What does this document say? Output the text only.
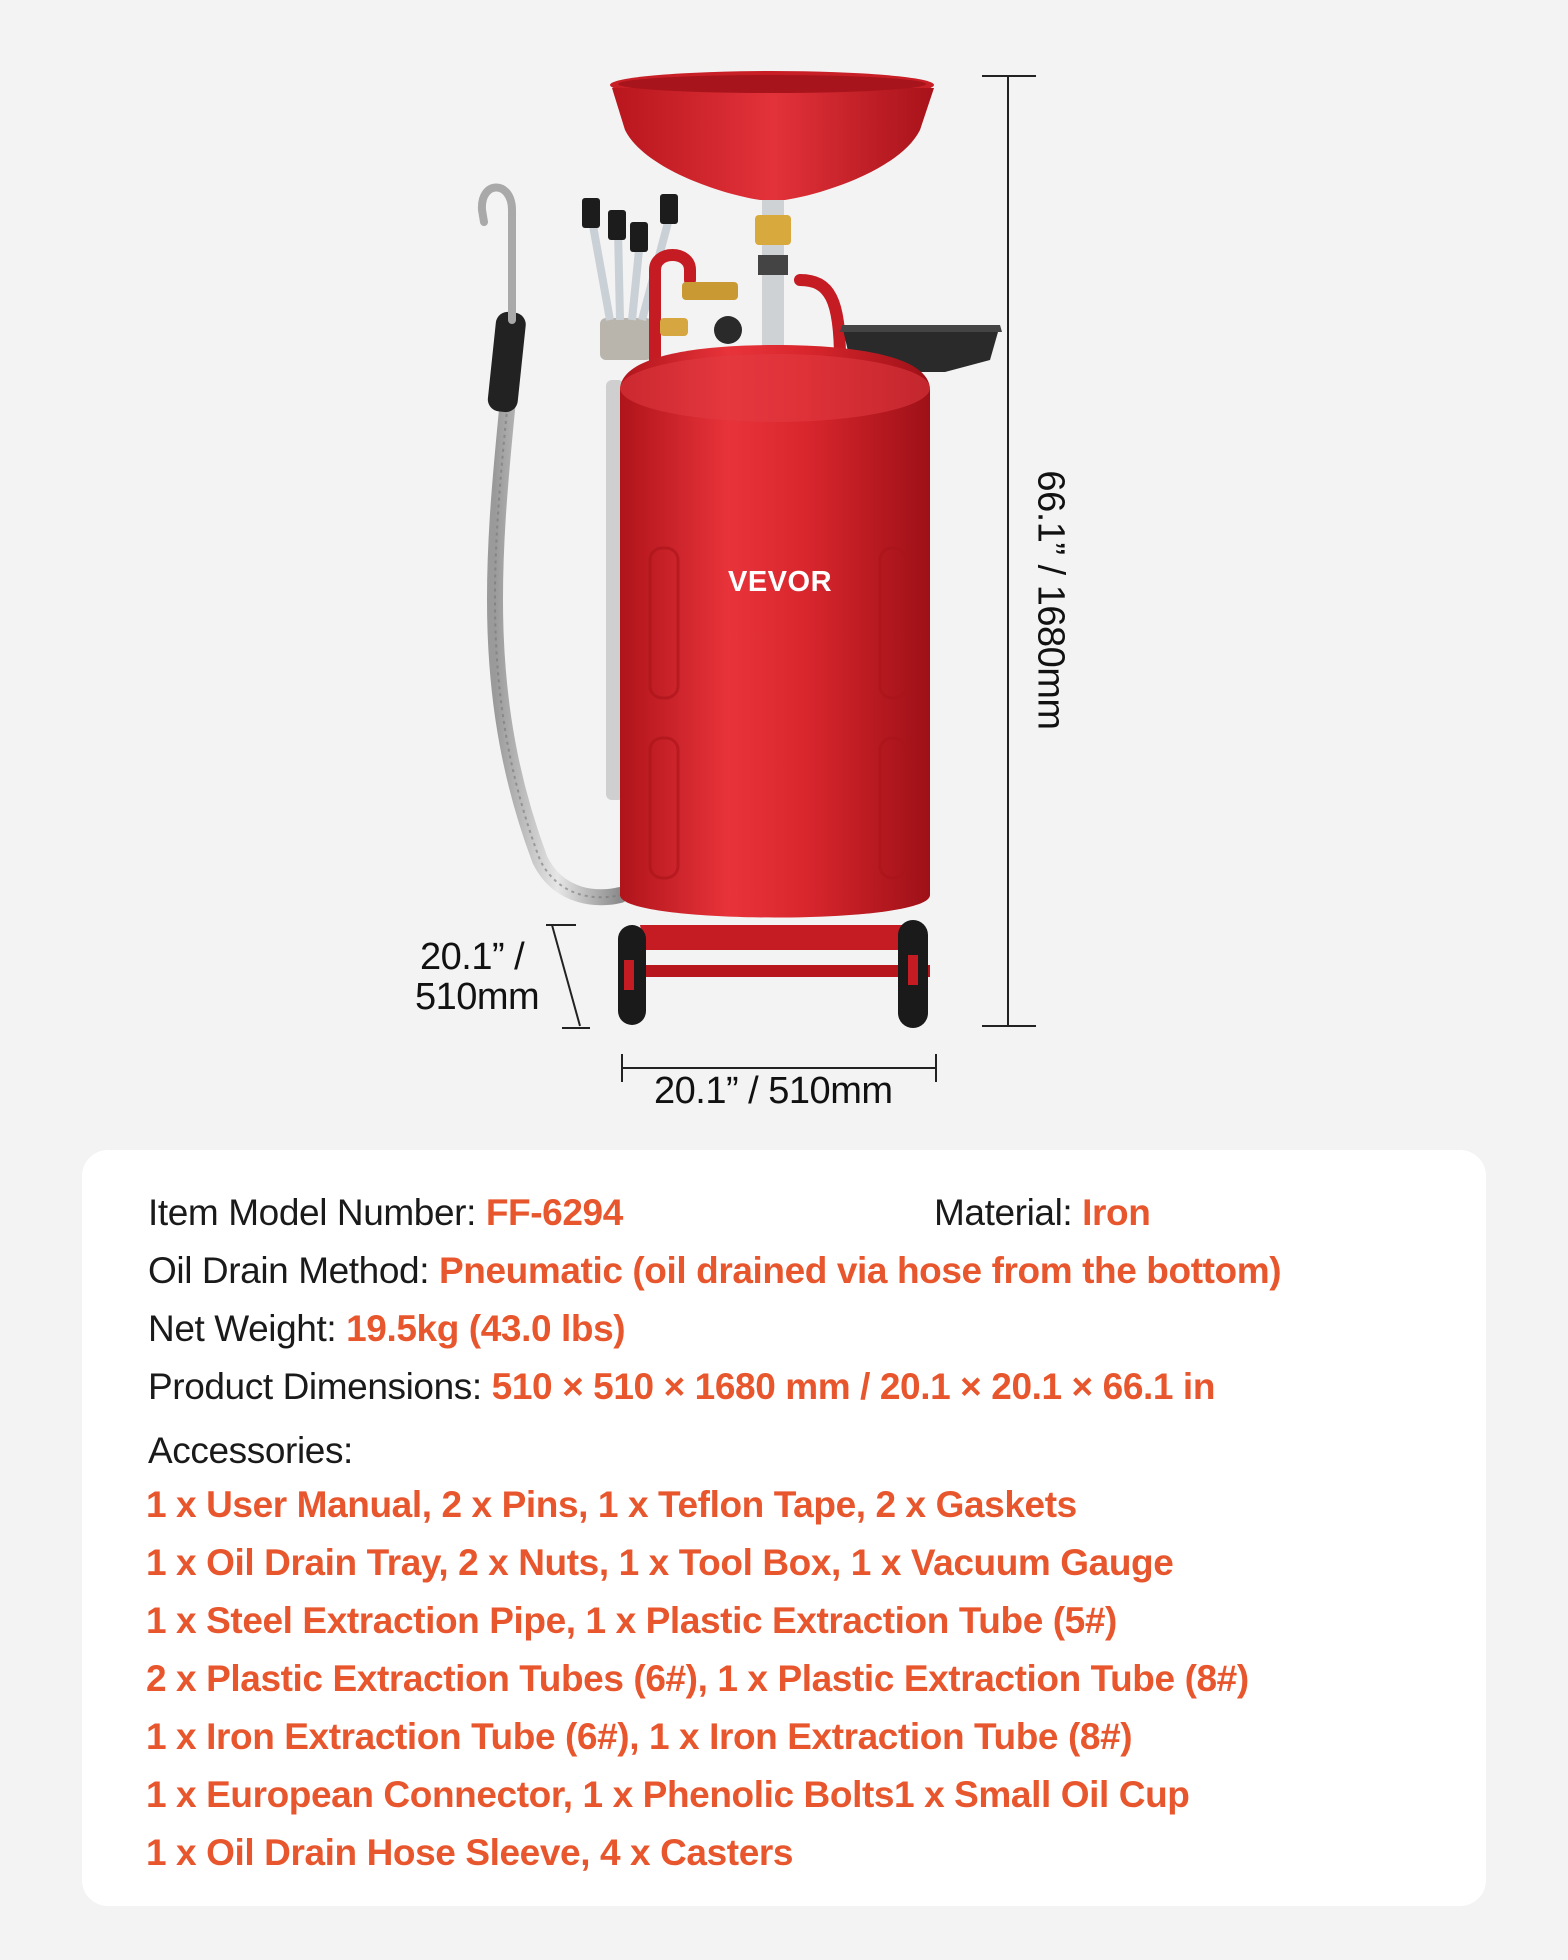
VEVOR	66.1” / 1680mm
20.1” /
510mm
20.1” / 510mm
Item Model Number: FF-6294	Material: Iron
Oil Drain Method: Pneumatic (oil drained via hose from the bottom)
Net Weight: 19.5kg (43.0 lbs)
Product Dimensions: 510 × 510 × 1680 mm / 20.1 × 20.1 × 66.1 in
Accessories:
1 x User Manual, 2 x Pins, 1 x Teflon Tape, 2 x Gaskets
1 x Oil Drain Tray, 2 x Nuts, 1 x Tool Box, 1 x Vacuum Gauge
1 x Steel Extraction Pipe, 1 x Plastic Extraction Tube (5#)
2 x Plastic Extraction Tubes (6#), 1 x Plastic Extraction Tube (8#)
1 x Iron Extraction Tube (6#), 1 x Iron Extraction Tube (8#)
1 x European Connector, 1 x Phenolic Bolts1 x Small Oil Cup
1 x Oil Drain Hose Sleeve, 4 x Casters
